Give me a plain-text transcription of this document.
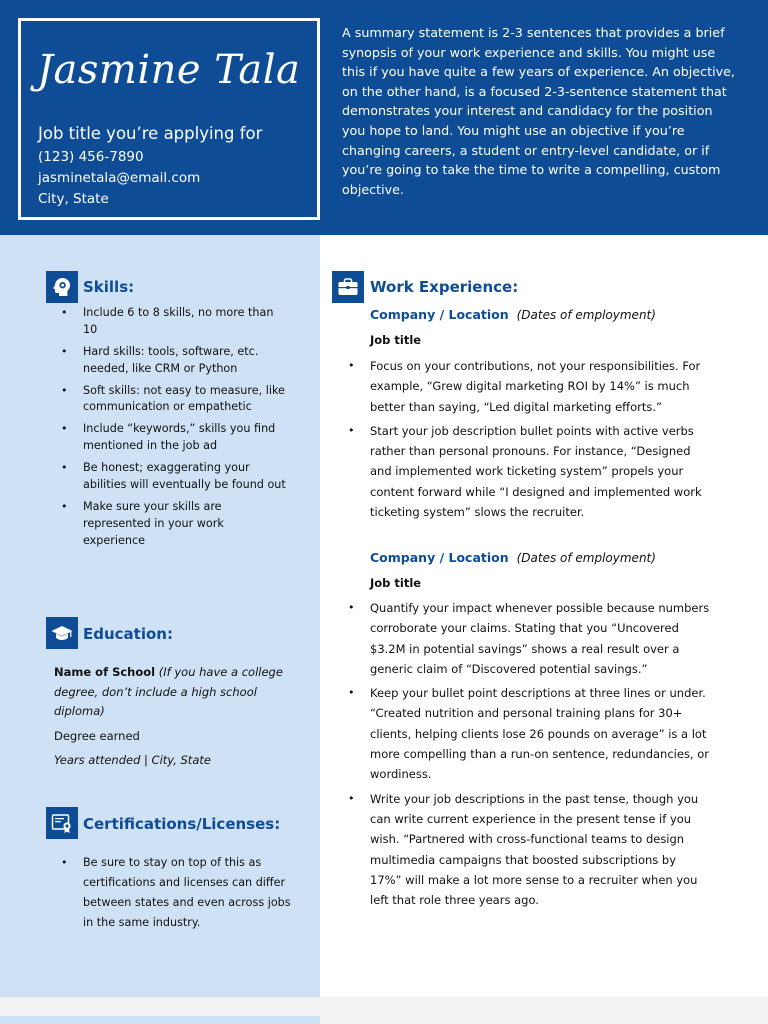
Jasmine Tala
Job title you’re applying for
(123) 456-7890
jasminetala@email.com
City, State

A summary statement is 2-3 sentences that provides a brief synopsis of your work experience and skills. You might use this if you have quite a few years of experience. An objective, on the other hand, is a focused 2-3-sentence statement that demonstrates your interest and candidacy for the position you hope to land. You might use an objective if you’re changing careers, a student or entry-level candidate, or if you’re going to take the time to write a compelling, custom objective.

Skills:
• Include 6 to 8 skills, no more than 10
• Hard skills: tools, software, etc. needed, like CRM or Python
• Soft skills: not easy to measure, like communication or empathetic
• Include “keywords,” skills you find mentioned in the job ad
• Be honest; exaggerating your abilities will eventually be found out
• Make sure your skills are represented in your work experience
Education:

Name of School (If you have a college degree, don’t include a high school diploma)

Degree earned
Years attended | City, State
Certifications/Licenses:
• Be sure to stay on top of this as certifications and licenses can differ between states and even across jobs in the same industry.
Work Experience:
Company / Location (Dates of employment)
Job title
• Focus on your contributions, not your responsibilities. For example, “Grew digital marketing ROI by 14%” is much better than saying, “Led digital marketing efforts.”
• Start your job description bullet points with active verbs rather than personal pronouns. For instance, “Designed and implemented work ticketing system” propels your content forward while “I designed and implemented work ticketing system” slows the recruiter.
Company / Location (Dates of employment)
Job title
• Quantify your impact whenever possible because numbers corroborate your claims. Stating that you “Uncovered $3.2M in potential savings” shows a real result over a generic claim of “Discovered potential savings.”
• Keep your bullet point descriptions at three lines or under. “Created nutrition and personal training plans for 30+ clients, helping clients lose 26 pounds on average” is a lot more compelling than a run-on sentence, redundancies, or wordiness.
• Write your job descriptions in the past tense, though you can write current experience in the present tense if you wish. “Partnered with cross-functional teams to design multimedia campaigns that boosted subscriptions by 17%” will make a lot more sense to a recruiter when you left that role three years ago.
